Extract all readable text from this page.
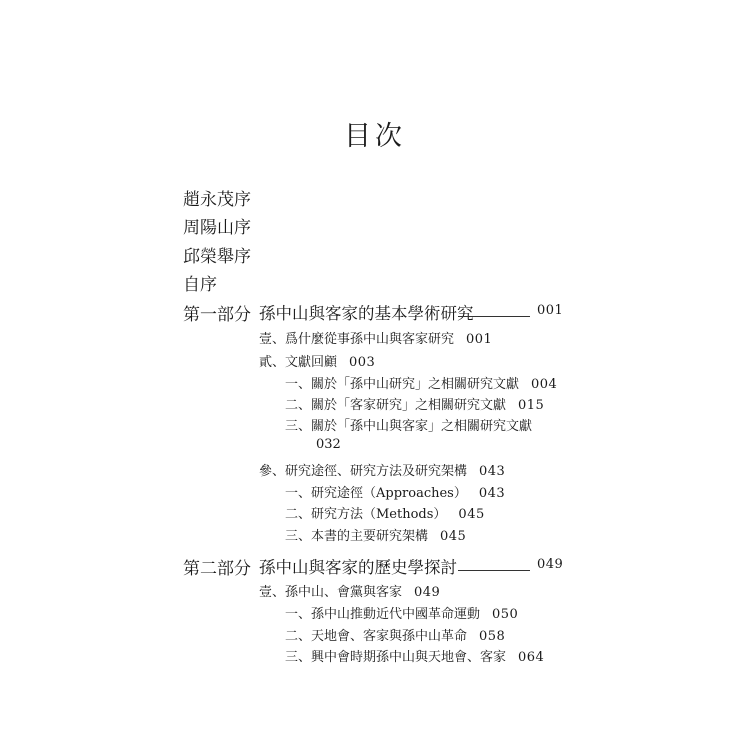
目次
趙永茂序
周陽山序
邱榮舉序
自序
第一部分 孫中山與客家的基本學術研究	001
壹、爲什麼從事孫中山與客家研究 001
貳、文獻回顧 003
一、關於「孫中山研究」之相關研究文獻 004
二、關於「客家研究」之相關研究文獻 015
三、關於「孫中山與客家」之相關研究文獻
032
參、研究途徑、研究方法及研究架構 043
一、研究途徑（Approaches） 043
二、研究方法（Methods） 045
三、本書的主要研究架構 045
第二部分 孫中山與客家的歷史學探討	049
壹、孫中山、會黨與客家 049
一、孫中山推動近代中國革命運動 050
二、天地會、客家與孫中山革命 058
三、興中會時期孫中山與天地會、客家 064
